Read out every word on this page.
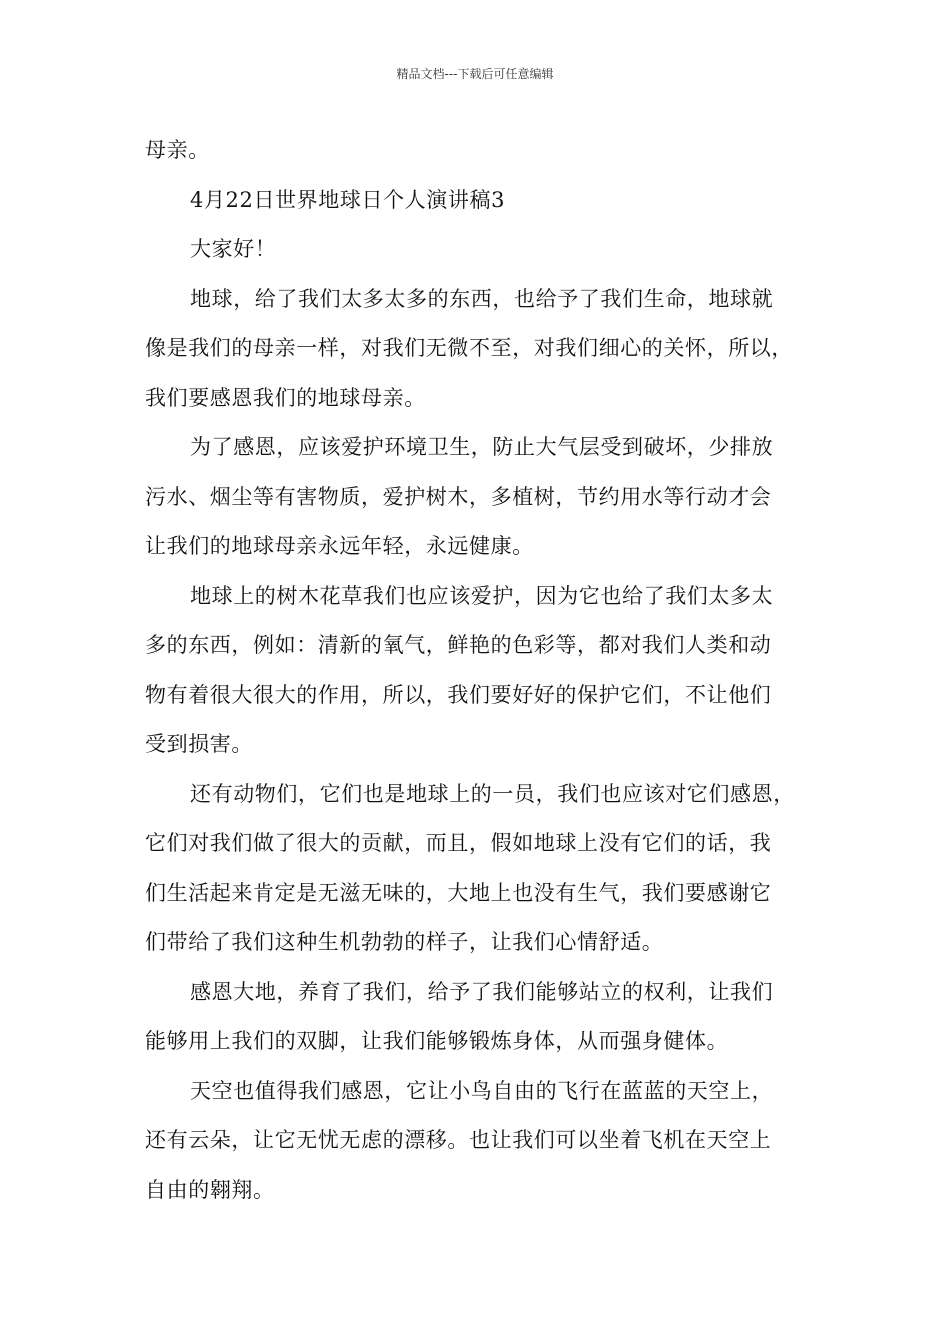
精品文档---下载后可任意编辑
母亲。
4月22日世界地球日个人演讲稿3
大家好！
地球，给了我们太多太多的东西，也给予了我们生命，地球就
像是我们的母亲一样，对我们无微不至，对我们细心的关怀，所以，
我们要感恩我们的地球母亲。
为了感恩，应该爱护环境卫生，防止大气层受到破坏，少排放
污水、烟尘等有害物质，爱护树木，多植树，节约用水等行动才会
让我们的地球母亲永远年轻，永远健康。
地球上的树木花草我们也应该爱护，因为它也给了我们太多太
多的东西，例如：清新的氧气，鲜艳的色彩等，都对我们人类和动
物有着很大很大的作用，所以，我们要好好的保护它们，不让他们
受到损害。
还有动物们，它们也是地球上的一员，我们也应该对它们感恩，
它们对我们做了很大的贡献，而且，假如地球上没有它们的话，我
们生活起来肯定是无滋无味的，大地上也没有生气，我们要感谢它
们带给了我们这种生机勃勃的样子，让我们心情舒适。
感恩大地，养育了我们，给予了我们能够站立的权利，让我们
能够用上我们的双脚，让我们能够锻炼身体，从而强身健体。
天空也值得我们感恩，它让小鸟自由的飞行在蓝蓝的天空上，
还有云朵，让它无忧无虑的漂移。也让我们可以坐着飞机在天空上
自由的翱翔。
